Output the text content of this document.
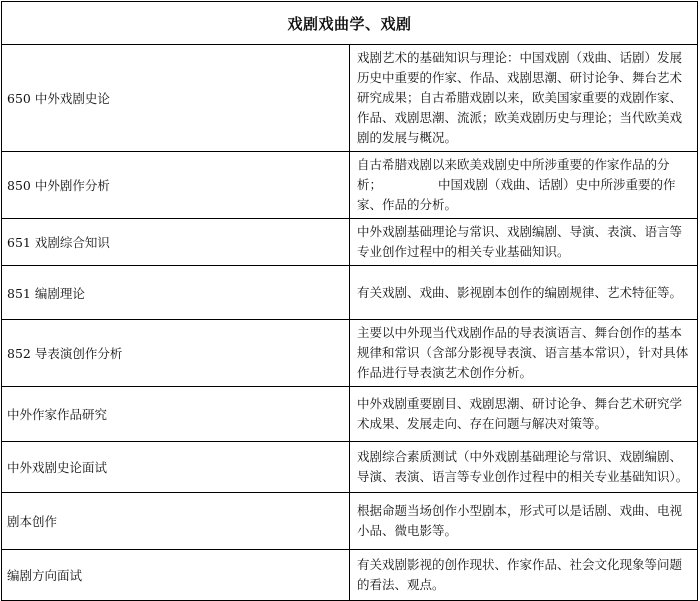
戏剧戏曲学、戏剧	
650 中外戏剧史论	戏剧艺术的基础知识与理论：中国戏剧（戏曲、话剧）发展历史中重要的作家、作品、戏剧思潮、研讨论争、舞台艺术研究成果；自古希腊戏剧以来，欧美国家重要的戏剧作家、作品、戏剧思潮、流派；欧美戏剧历史与理论；当代欧美戏剧的发展与概况。
850 中外剧作分析	自古希腊戏剧以来欧美戏剧史中所涉重要的作家作品的分析； 中国戏剧（戏曲、话剧）史中所涉重要的作家、作品的分析。
651 戏剧综合知识	中外戏剧基础理论与常识、戏剧编剧、导演、表演、语言等专业创作过程中的相关专业基础知识。
851 编剧理论	有关戏剧、戏曲、影视剧本创作的编剧规律、艺术特征等。
852 导表演创作分析	主要以中外现当代戏剧作品的导表演语言、舞台创作的基本规律和常识（含部分影视导表演、语言基本常识），针对具体作品进行导表演艺术创作分析。
中外作家作品研究	中外戏剧重要剧目、戏剧思潮、研讨论争、舞台艺术研究学术成果、发展走向、存在问题与解决对策等。
中外戏剧史论面试	戏剧综合素质测试（中外戏剧基础理论与常识、戏剧编剧、导演、表演、语言等专业创作过程中的相关专业基础知识）。
剧本创作	根据命题当场创作小型剧本，形式可以是话剧、戏曲、电视小品、微电影等。
编剧方向面试	有关戏剧影视的创作现状、作家作品、社会文化现象等问题的看法、观点。
